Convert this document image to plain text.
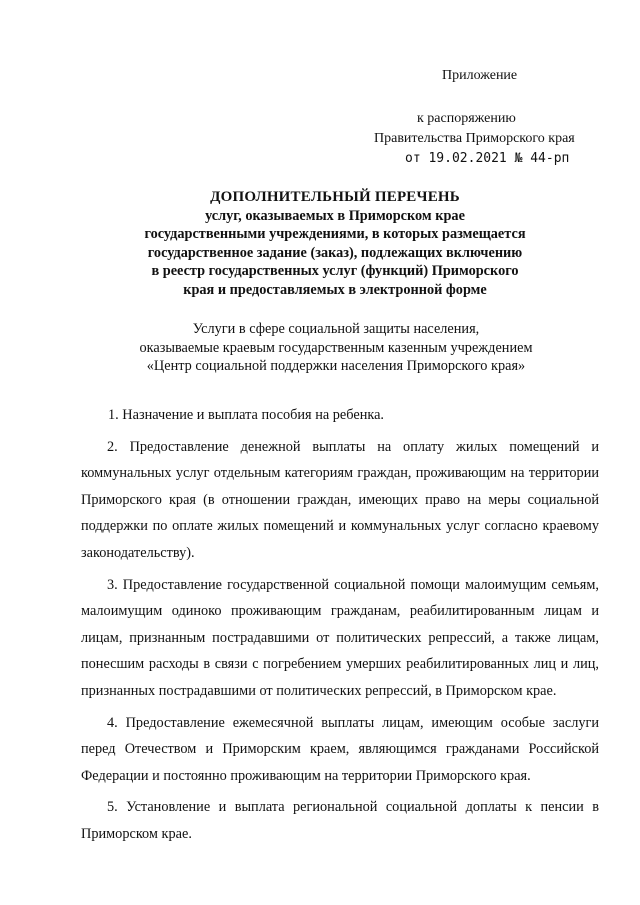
Приложение
к распоряжению
Правительства Приморского края
от 19.02.2021 № 44-рп
ДОПОЛНИТЕЛЬНЫЙ ПЕРЕЧЕНЬ
услуг, оказываемых в Приморском крае
государственными учреждениями, в которых размещается
государственное задание (заказ), подлежащих включению
в реестр государственных услуг (функций) Приморского
края и предоставляемых в электронной форме
Услуги в сфере социальной защиты населения,
оказываемые краевым государственным казенным учреждением
«Центр социальной поддержки населения Приморского края»

1. Назначение и выплата пособия на ребенка.

2. Предоставление денежной выплаты на оплату жилых помещений и коммунальных услуг отдельным категориям граждан, проживающим на территории Приморского края (в отношении граждан, имеющих право на меры социальной поддержки по оплате жилых помещений и коммунальных услуг согласно краевому законодательству).

3. Предоставление государственной социальной помощи малоимущим семьям, малоимущим одиноко проживающим гражданам, реабилитированным лицам и лицам, признанным пострадавшими от политических репрессий, а также лицам, понесшим расходы в связи с погребением умерших реабилитированных лиц и лиц, признанных пострадавшими от политических репрессий, в Приморском крае.

4. Предоставление ежемесячной выплаты лицам, имеющим особые заслуги перед Отечеством и Приморским краем, являющимся гражданами Российской Федерации и постоянно проживающим на территории Приморского края.

5. Установление и выплата региональной социальной доплаты к пенсии в Приморском крае.
